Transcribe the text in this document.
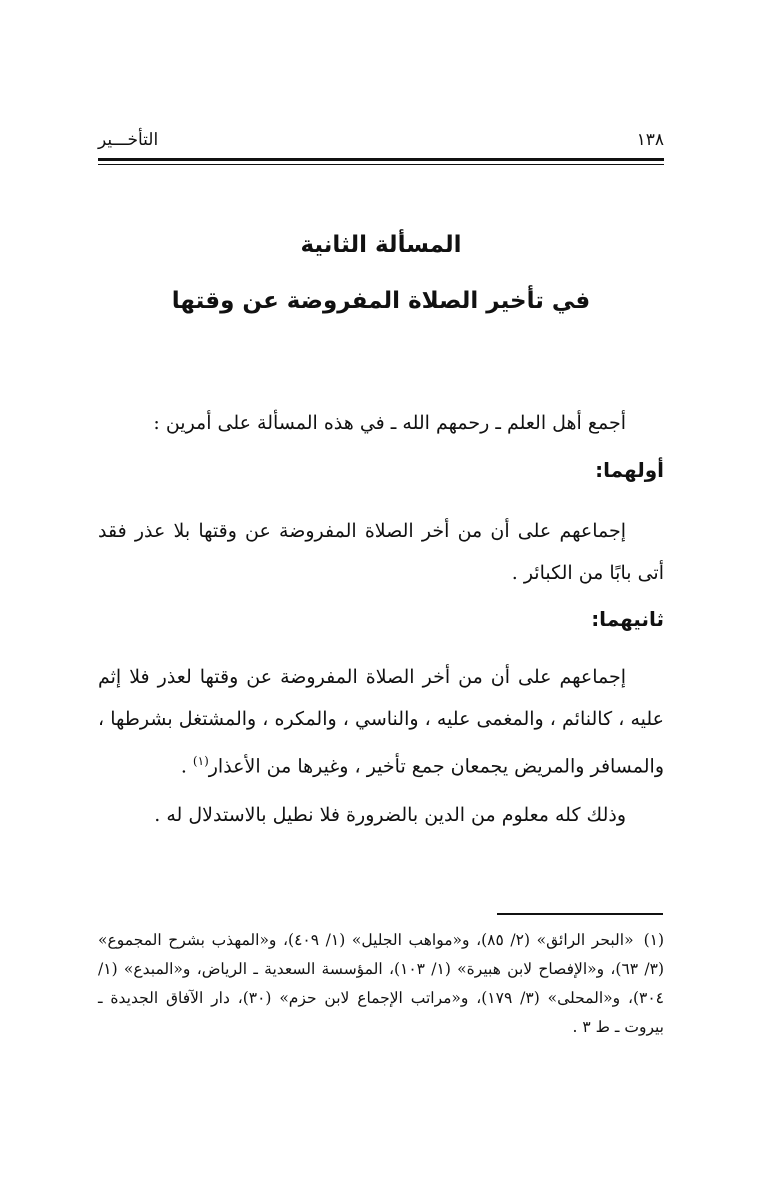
١٣٨
التأخـــير
المسألة الثانية
في تأخير الصلاة المفروضة عن وقتها
أجمع أهل العلم ـ رحمهم الله ـ في هذه المسألة على أمرين :
أولهما:
إجماعهم على أن من أخر الصلاة المفروضة عن وقتها بلا عذر فقد أتى بابًا من الكبائر .
ثانيهما:
إجماعهم على أن من أخر الصلاة المفروضة عن وقتها لعذر فلا إثم عليه ، كالنائم ، والمغمى عليه ، والناسي ، والمكره ، والمشتغل بشرطها ، والمسافر والمريض يجمعان جمع تأخير ، وغيرها من الأعذار$^{(١)}$ .
وذلك كله معلوم من الدين بالضرورة فلا نطيل بالاستدلال له .
(١)«البحر الرائق» (٢/ ٨٥)، و«مواهب الجليل» (١/ ٤٠٩)، و«المهذب بشرح المجموع» (٣/ ٦٣)، و«الإفصاح لابن هبيرة» (١/ ١٠٣)، المؤسسة السعدية ـ الرياض، و«المبدع» (١/ ٣٠٤)، و«المحلى» (٣/ ١٧٩)، و«مراتب الإجماع لابن حزم» (٣٠)، دار الآفاق الجديدة ـ بيروت ـ ط ٣ .
